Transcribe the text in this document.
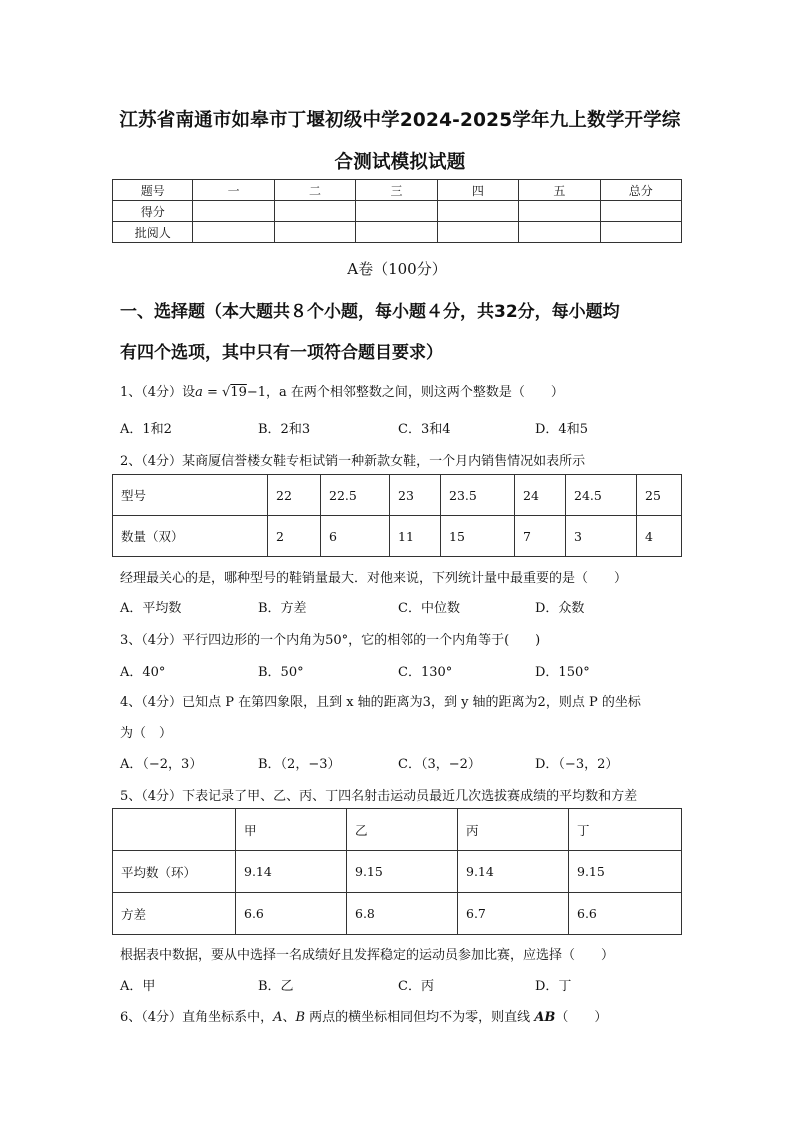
江苏省南通市如皋市丁堰初级中学2024-2025学年九上数学开学综
合测试模拟试题
题号	一	二	三	四	五	总分
得分						
批阅人						
A卷（100分）
一、选择题（本大题共８个小题，每小题４分，共32分，每小题均
有四个选项，其中只有一项符合题目要求）
1、（4分）设a = √19−1，a 在两个相邻整数之间，则这两个整数是（　　）
A．1和2	B．2和3	C．3和4	D．4和5
2、（4分）某商厦信誉楼女鞋专柜试销一种新款女鞋，一个月内销售情况如表所示
型号	22	22.5	23	23.5	24	24.5	25
数量（双）	2	6	11	15	7	3	4
经理最关心的是，哪种型号的鞋销量最大．对他来说，下列统计量中最重要的是（　　）
A．平均数	B．方差	C．中位数	D．众数
3、（4分）平行四边形的一个内角为50°，它的相邻的一个内角等于(　　)
A．40°	B．50°	C．130°	D．150°
4、（4分）已知点 P 在第四象限，且到 x 轴的距离为3，到 y 轴的距离为2，则点 P 的坐标
为（　）
A．（−2，3）	B．（2，−3）	C．（3，−2）	D．（−3，2）
5、（4分）下表记录了甲、乙、丙、丁四名射击运动员最近几次选拔赛成绩的平均数和方差
	甲	乙	丙	丁
平均数（环）	9.14	9.15	9.14	9.15
方差	6.6	6.8	6.7	6.6
根据表中数据，要从中选择一名成绩好且发挥稳定的运动员参加比赛，应选择（　　）
A．甲	B．乙	C．丙	D．丁
6、（4分）直角坐标系中，A、B 两点的横坐标相同但均不为零，则直线 AB（　　）
